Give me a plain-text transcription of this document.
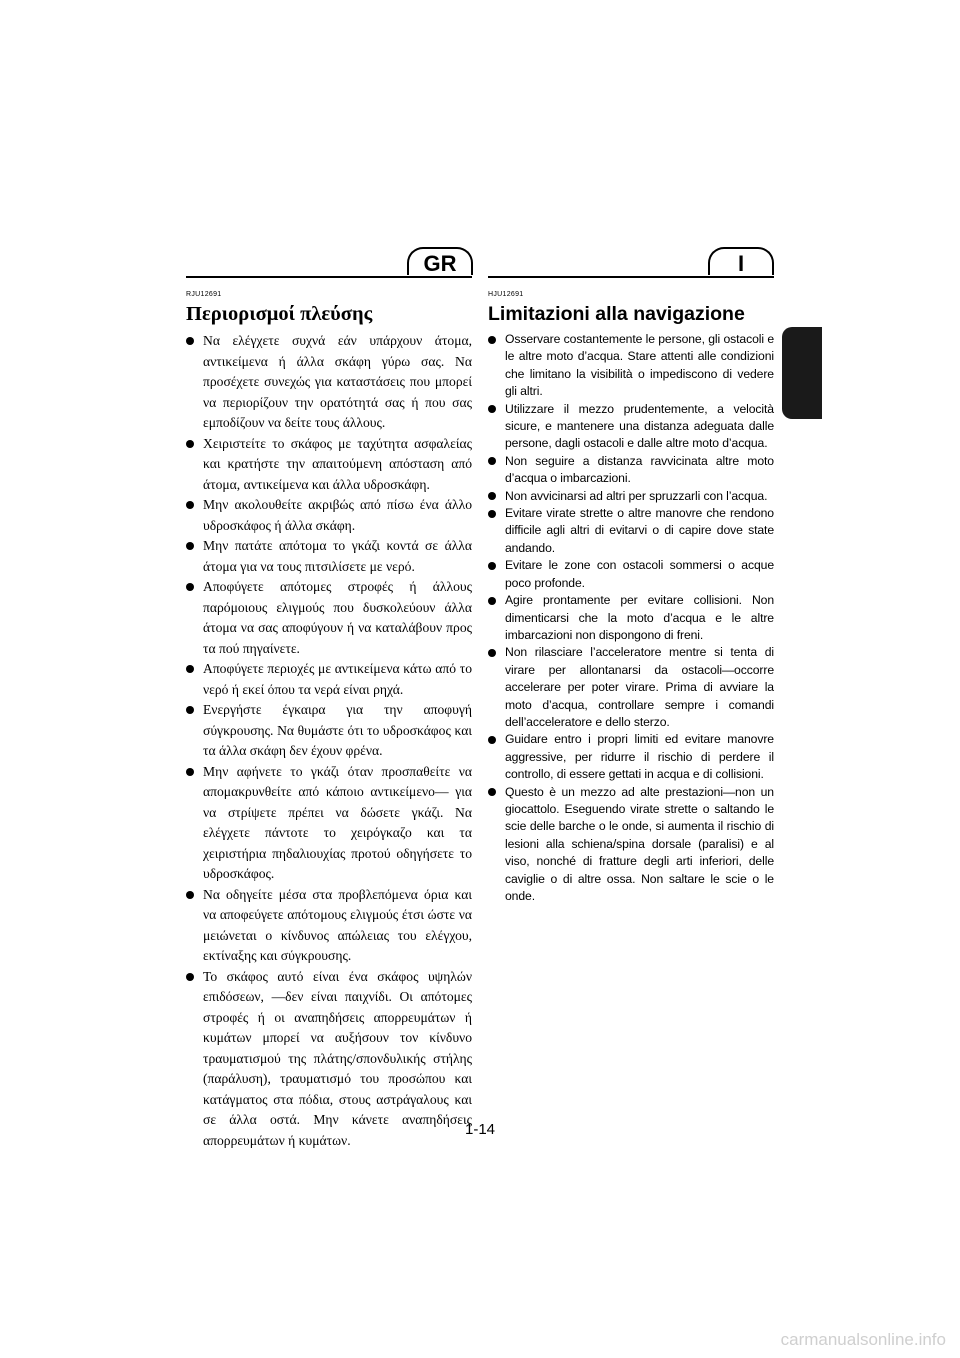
GR	I
RJU12691
Περιορισμοί πλεύσης
Να ελέγχετε συχνά εάν υπάρχουν άτομα, αντικείμενα ή άλλα σκάφη γύρω σας. Να προσέχετε συνεχώς για καταστάσεις που μπορεί να περιορίζουν την ορατότητά σας ή που σας εμποδίζουν να δείτε τους άλλους.
Χειριστείτε το σκάφος με ταχύτητα ασφαλείας και κρατήστε την απαιτούμενη απόσταση από άτομα, αντικείμενα και άλλα υδροσκάφη.
Μην ακολουθείτε ακριβώς από πίσω ένα άλλο υδροσκάφος ή άλλα σκάφη.
Μην πατάτε απότομα το γκάζι κοντά σε άλλα άτομα για να τους πιτσιλίσετε με νερό.
Αποφύγετε απότομες στροφές ή άλλους παρόμοιους ελιγμούς που δυσκολεύουν άλλα άτομα να σας αποφύγουν ή να καταλάβουν προς τα πού πηγαίνετε.
Αποφύγετε περιοχές με αντικείμενα κάτω από το νερό ή εκεί όπου τα νερά είναι ρηχά.
Ενεργήστε έγκαιρα για την αποφυγή σύγκρουσης. Να θυμάστε ότι το υδροσκάφος και τα άλλα σκάφη δεν έχουν φρένα.
Μην αφήνετε το γκάζι όταν προσπαθείτε να απομακρυνθείτε από κάποιο αντικείμενο— για να στρίψετε πρέπει να δώσετε γκάζι. Να ελέγχετε πάντοτε το χειρόγκαζο και τα χειριστήρια πηδαλιουχίας προτού οδηγήσετε το υδροσκάφος.
Να οδηγείτε μέσα στα προβλεπόμενα όρια και να αποφεύγετε απότομους ελιγμούς έτσι ώστε να μειώνεται ο κίνδυνος απώλειας του ελέγχου, εκτίναξης και σύγκρουσης.
Το σκάφος αυτό είναι ένα σκάφος υψηλών επιδόσεων, —δεν είναι παιχνίδι. Οι απότομες στροφές ή οι αναπηδήσεις απορρευμάτων ή κυμάτων μπορεί να αυξήσουν τον κίνδυνο τραυματισμού της πλάτης/σπονδυλικής στήλης (παράλυση), τραυματισμό του προσώπου και κατάγματος στα πόδια, στους αστράγαλους και σε άλλα οστά. Μην κάνετε αναπηδήσεις απορρευμάτων ή κυμάτων.
HJU12691
Limitazioni alla navigazione
Osservare costantemente le persone, gli ostacoli e le altre moto d’acqua. Stare attenti alle condizioni che limitano la visibilità o impediscono di vedere gli altri.
Utilizzare il mezzo prudentemente, a velocità sicure, e mantenere una distanza adeguata dalle persone, dagli ostacoli e dalle altre moto d’acqua.
Non seguire a distanza ravvicinata altre moto d’acqua o imbarcazioni.
Non avvicinarsi ad altri per spruzzarli con l’acqua.
Evitare virate strette o altre manovre che rendono difficile agli altri di evitarvi o di capire dove state andando.
Evitare le zone con ostacoli sommersi o acque poco profonde.
Agire prontamente per evitare collisioni. Non dimenticarsi che la moto d’acqua e le altre imbarcazioni non dispongono di freni.
Non rilasciare l’acceleratore mentre si tenta di virare per allontanarsi da ostacoli—occorre accelerare per poter virare. Prima di avviare la moto d’acqua, controllare sempre i comandi dell’acceleratore e dello sterzo.
Guidare entro i propri limiti ed evitare manovre aggressive, per ridurre il rischio di perdere il controllo, di essere gettati in acqua e di collisioni.
Questo è un mezzo ad alte prestazioni—non un giocattolo. Eseguendo virate strette o saltando le scie delle barche o le onde, si aumenta il rischio di lesioni alla schiena/spina dorsale (paralisi) e al viso, nonché di fratture degli arti inferiori, delle caviglie o di altre ossa. Non saltare le scie o le onde.
1-14
carmanualsonline.info
